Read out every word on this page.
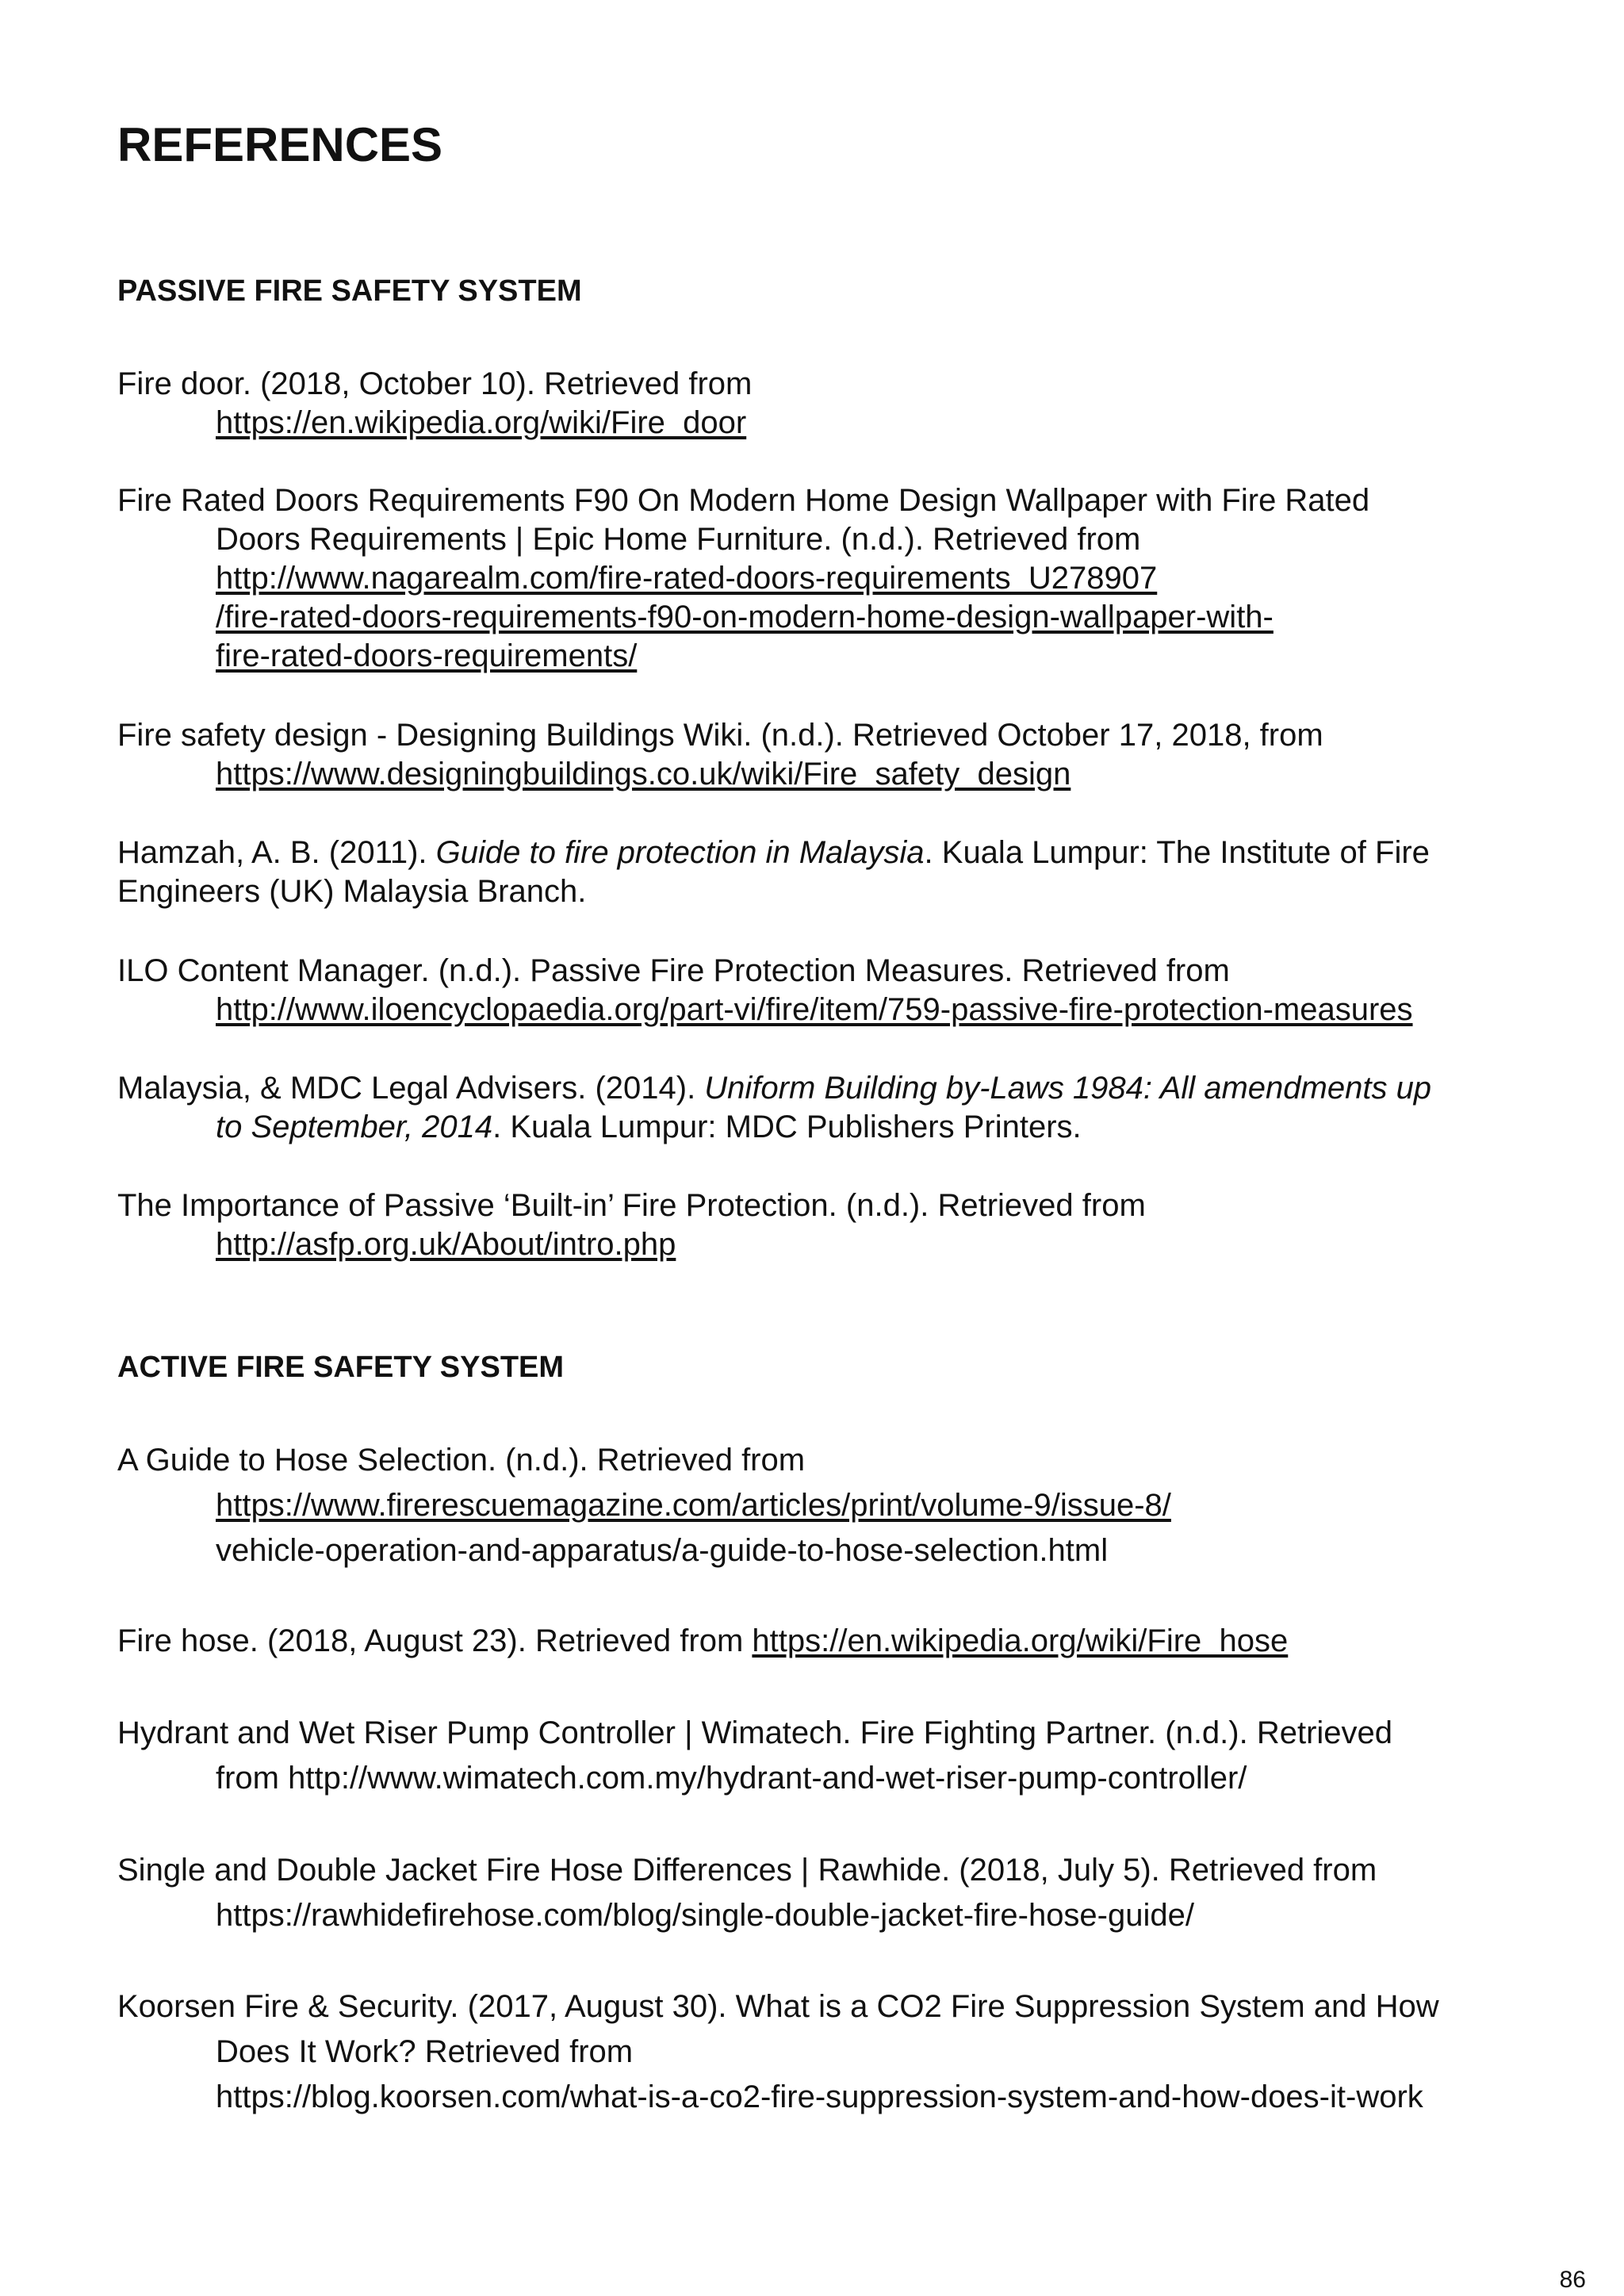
REFERENCES
PASSIVE FIRE SAFETY SYSTEM
Fire door. (2018, October 10). Retrieved from
https://en.wikipedia.org/wiki/Fire_door
Fire Rated Doors Requirements F90 On Modern Home Design Wallpaper with Fire Rated
Doors Requirements | Epic Home Furniture. (n.d.). Retrieved from
http://www.nagarealm.com/fire-rated-doors-requirements_U278907
/fire-rated-doors-requirements-f90-on-modern-home-design-wallpaper-with-
fire-rated-doors-requirements/
Fire safety design - Designing Buildings Wiki. (n.d.). Retrieved October 17, 2018, from
https://www.designingbuildings.co.uk/wiki/Fire_safety_design
Hamzah, A. B. (2011). Guide to fire protection in Malaysia. Kuala Lumpur: The Institute of Fire Engineers (UK) Malaysia Branch.
ILO Content Manager. (n.d.). Passive Fire Protection Measures. Retrieved from
http://www.iloencyclopaedia.org/part-vi/fire/item/759-passive-fire-protection-measures
Malaysia, & MDC Legal Advisers. (2014). Uniform Building by-Laws 1984: All amendments up
to September, 2014. Kuala Lumpur: MDC Publishers Printers.
The Importance of Passive ‘Built-in’ Fire Protection. (n.d.). Retrieved from
http://asfp.org.uk/About/intro.php
ACTIVE FIRE SAFETY SYSTEM
A Guide to Hose Selection. (n.d.). Retrieved from
https://www.firerescuemagazine.com/articles/print/volume-9/issue-8/
vehicle-operation-and-apparatus/a-guide-to-hose-selection.html
Fire hose. (2018, August 23). Retrieved from https://en.wikipedia.org/wiki/Fire_hose
Hydrant and Wet Riser Pump Controller | Wimatech. Fire Fighting Partner. (n.d.). Retrieved
from http://www.wimatech.com.my/hydrant-and-wet-riser-pump-controller/
Single and Double Jacket Fire Hose Differences | Rawhide. (2018, July 5). Retrieved from
https://rawhidefirehose.com/blog/single-double-jacket-fire-hose-guide/
Koorsen Fire & Security. (2017, August 30). What is a CO2 Fire Suppression System and How
Does It Work? Retrieved from
https://blog.koorsen.com/what-is-a-co2-fire-suppression-system-and-how-does-it-work
86
